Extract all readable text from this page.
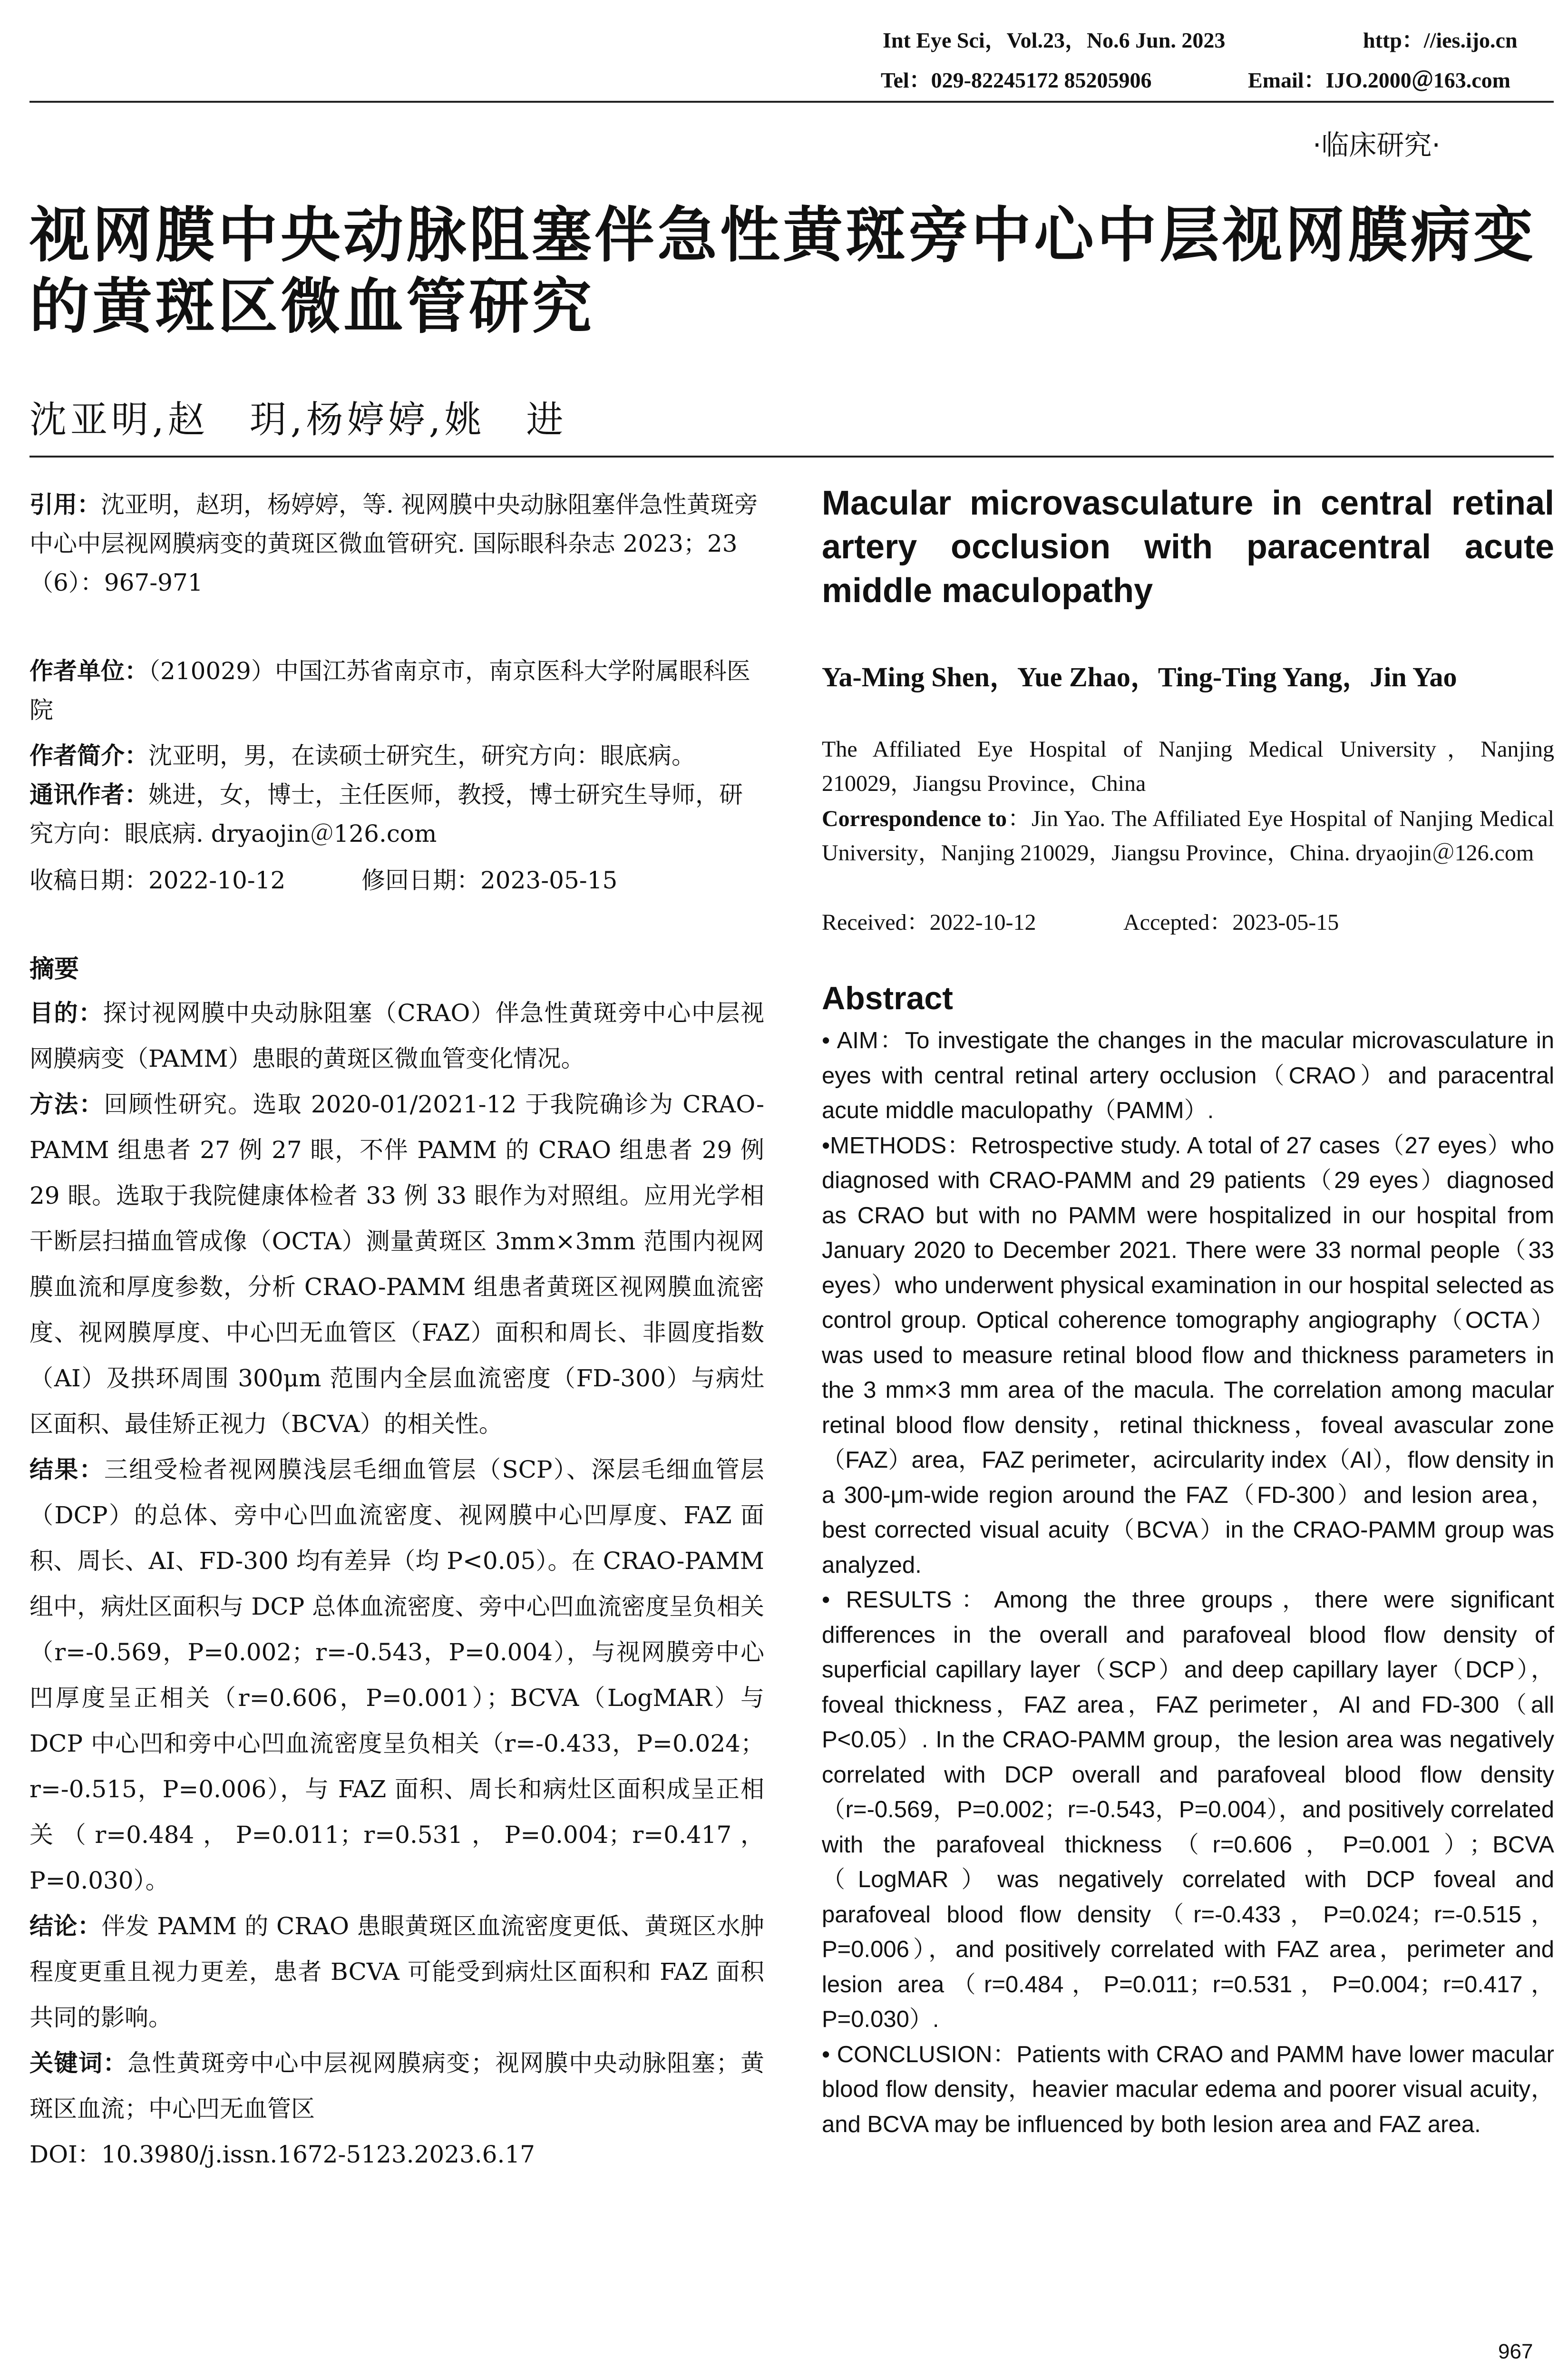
Int Eye Sci，Vol.23，No.6 Jun. 2023	http：//ies.ijo.cn
Tel：029-82245172 85205906	Email：IJO.2000＠163.com
·临床研究·
视网膜中央动脉阻塞伴急性黄斑旁中心中层视网膜病变
的黄斑区微血管研究
沈亚明,赵　玥,杨婷婷,姚　进
引用：沈亚明，赵玥，杨婷婷，等. 视网膜中央动脉阻塞伴急性黄斑旁中心中层视网膜病变的黄斑区微血管研究. 国际眼科杂志 2023；23（6）：967-971
作者单位：（210029）中国江苏省南京市，南京医科大学附属眼科医院
作者简介：沈亚明，男，在读硕士研究生，研究方向：眼底病。
通讯作者：姚进，女，博士，主任医师，教授，博士研究生导师，研究方向：眼底病. dryaojin＠126.com
收稿日期：2022-10-12	修回日期：2023-05-15
摘要

目的：探讨视网膜中央动脉阻塞（CRAO）伴急性黄斑旁中心中层视网膜病变（PAMM）患眼的黄斑区微血管变化情况。

方法：回顾性研究。选取 2020-01/2021-12 于我院确诊为 CRAO-PAMM 组患者 27 例 27 眼，不伴 PAMM 的 CRAO 组患者 29 例 29 眼。选取于我院健康体检者 33 例 33 眼作为对照组。应用光学相干断层扫描血管成像（OCTA）测量黄斑区 3mm×3mm 范围内视网膜血流和厚度参数，分析 CRAO-PAMM 组患者黄斑区视网膜血流密度、视网膜厚度、中心凹无血管区（FAZ）面积和周长、非圆度指数（AI）及拱环周围 300μm 范围内全层血流密度（FD-300）与病灶区面积、最佳矫正视力（BCVA）的相关性。

结果：三组受检者视网膜浅层毛细血管层（SCP）、深层毛细血管层（DCP）的总体、旁中心凹血流密度、视网膜中心凹厚度、FAZ 面积、周长、AI、FD-300 均有差异（均 P<0.05）。在 CRAO-PAMM 组中，病灶区面积与 DCP 总体血流密度、旁中心凹血流密度呈负相关（r=-0.569，P=0.002；r=-0.543，P=0.004），与视网膜旁中心凹厚度呈正相关（r=0.606，P=0.001）；BCVA（LogMAR）与 DCP 中心凹和旁中心凹血流密度呈负相关（r=-0.433，P=0.024；r=-0.515，P=0.006），与 FAZ 面积、周长和病灶区面积成呈正相关（r=0.484，P=0.011；r=0.531，P=0.004；r=0.417，P=0.030）。

结论：伴发 PAMM 的 CRAO 患眼黄斑区血流密度更低、黄斑区水肿程度更重且视力更差，患者 BCVA 可能受到病灶区面积和 FAZ 面积共同的影响。

关键词：急性黄斑旁中心中层视网膜病变；视网膜中央动脉阻塞；黄斑区血流；中心凹无血管区

DOI：10.3980/j.issn.1672-5123.2023.6.17

Macular microvasculature in central retinal artery occlusion with paracentral acute middle maculopathy
Ya-Ming Shen，Yue Zhao，Ting-Ting Yang，Jin Yao
The Affiliated Eye Hospital of Nanjing Medical University，Nanjing 210029，Jiangsu Province，China
Correspondence to：Jin Yao. The Affiliated Eye Hospital of Nanjing Medical University，Nanjing 210029，Jiangsu Province，China. dryaojin＠126.com
Received：2022-10-12	Accepted：2023-05-15
Abstract

• AIM：To investigate the changes in the macular microvasculature in eyes with central retinal artery occlusion（CRAO）and paracentral acute middle maculopathy（PAMM）.

•METHODS：Retrospective study. A total of 27 cases（27 eyes）who diagnosed with CRAO-PAMM and 29 patients（29 eyes）diagnosed as CRAO but with no PAMM were hospitalized in our hospital from January 2020 to December 2021. There were 33 normal people（33 eyes）who underwent physical examination in our hospital selected as control group. Optical coherence tomography angiography（OCTA）was used to measure retinal blood flow and thickness parameters in the 3 mm×3 mm area of the macula. The correlation among macular retinal blood flow density，retinal thickness，foveal avascular zone（FAZ）area，FAZ perimeter，acircularity index（AI），flow density in a 300-μm-wide region around the FAZ（FD-300）and lesion area，best corrected visual acuity（BCVA）in the CRAO-PAMM group was analyzed.

• RESULTS：Among the three groups，there were significant differences in the overall and parafoveal blood flow density of superficial capillary layer（SCP）and deep capillary layer（DCP），foveal thickness，FAZ area，FAZ perimeter，AI and FD-300（all P<0.05）. In the CRAO-PAMM group，the lesion area was negatively correlated with DCP overall and parafoveal blood flow density（r=-0.569，P=0.002；r=-0.543，P=0.004），and positively correlated with the parafoveal thickness（r=0.606，P=0.001）；BCVA（LogMAR）was negatively correlated with DCP foveal and parafoveal blood flow density（r=-0.433，P=0.024；r=-0.515，P=0.006），and positively correlated with FAZ area，perimeter and lesion area（r=0.484，P=0.011；r=0.531，P=0.004；r=0.417，P=0.030）.

• CONCLUSION：Patients with CRAO and PAMM have lower macular blood flow density，heavier macular edema and poorer visual acuity，and BCVA may be influenced by both lesion area and FAZ area.

967
